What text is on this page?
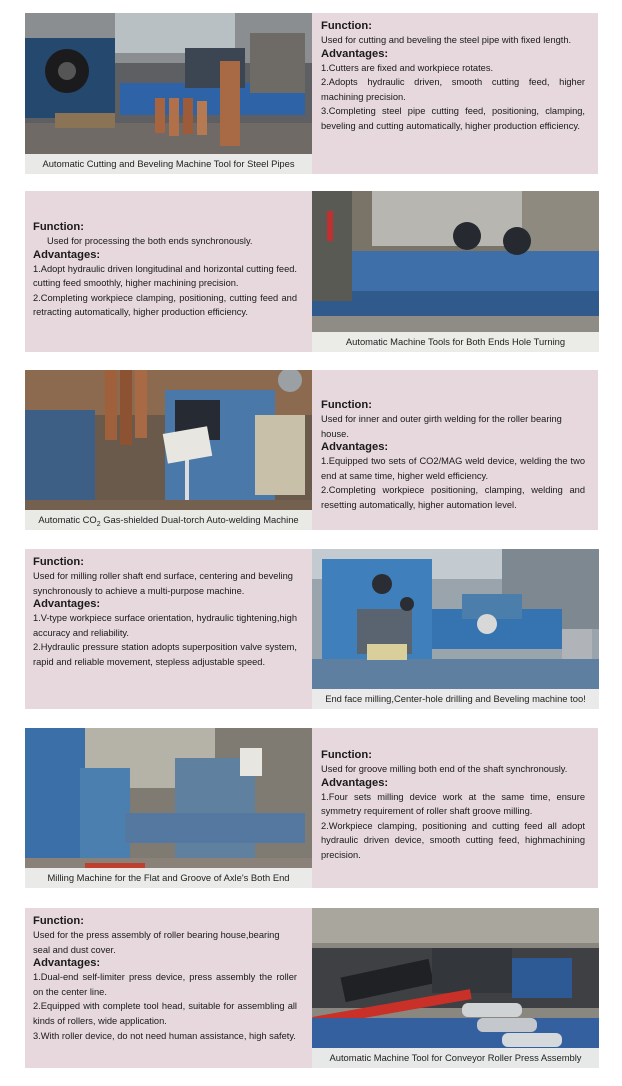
Automatic Cutting and Beveling Machine Tool for Steel Pipes
Function:

Used for cutting and beveling the steel pipe with fixed length.

Advantages:

1.Cutters are fixed and workpiece rotates.

2.Adopts hydraulic driven, smooth cutting feed, higher machining precision.

3.Completing steel pipe cutting feed, positioning, clamping, beveling and cutting automatically, higher production efficiency.

Function:

Used for processing the both ends synchronously.

Advantages:

1.Adopt hydraulic driven longitudinal and horizontal cutting feed. cutting feed smoothly, higher machining precision.

2.Completing workpiece clamping, positioning, cutting feed and retracting automatically, higher production efficiency.

Automatic Machine Tools for Both Ends Hole Turning
Automatic $CO_2$ Gas-shielded Dual-torch Auto-welding Machine
Function:

Used for inner and outer girth welding for the roller bearing house.

Advantages:

1.Equipped two sets of CO2/MAG weld device, welding the two end at same time, higher weld efficiency.

2.Completing workpiece positioning, clamping, welding and resetting automatically, higher automation level.

Function:

Used for milling roller shaft end surface, centering and beveling synchronously to achieve a multi-purpose machine.

Advantages:

1.V-type workpiece surface orientation, hydraulic tightening,high accuracy and reliability.

2.Hydraulic pressure station adopts superposition valve system, rapid and reliable movement, stepless adjustable speed.

End face milling,Center-hole drilling and Beveling machine too!
Milling Machine for the Flat and Groove of Axle's Both End
Function:

Used for groove milling both end of the shaft synchronously.

Advantages:

1.Four sets milling device work at the same time, ensure symmetry requirement of roller shaft groove milling.

2.Workpiece clamping, positioning and cutting feed all adopt hydraulic driven device, smooth cutting feed, highmachining precision.

Function:

Used for the press assembly of roller bearing house,bearing seal and dust cover.

Advantages:

1.Dual-end self-limiter press device, press assembly the roller on the center line.

2.Equipped with complete tool head, suitable for assembling all kinds of rollers, wide application.

3.With roller device, do not need human assistance, high safety.

Automatic Machine Tool for Conveyor Roller Press Assembly
